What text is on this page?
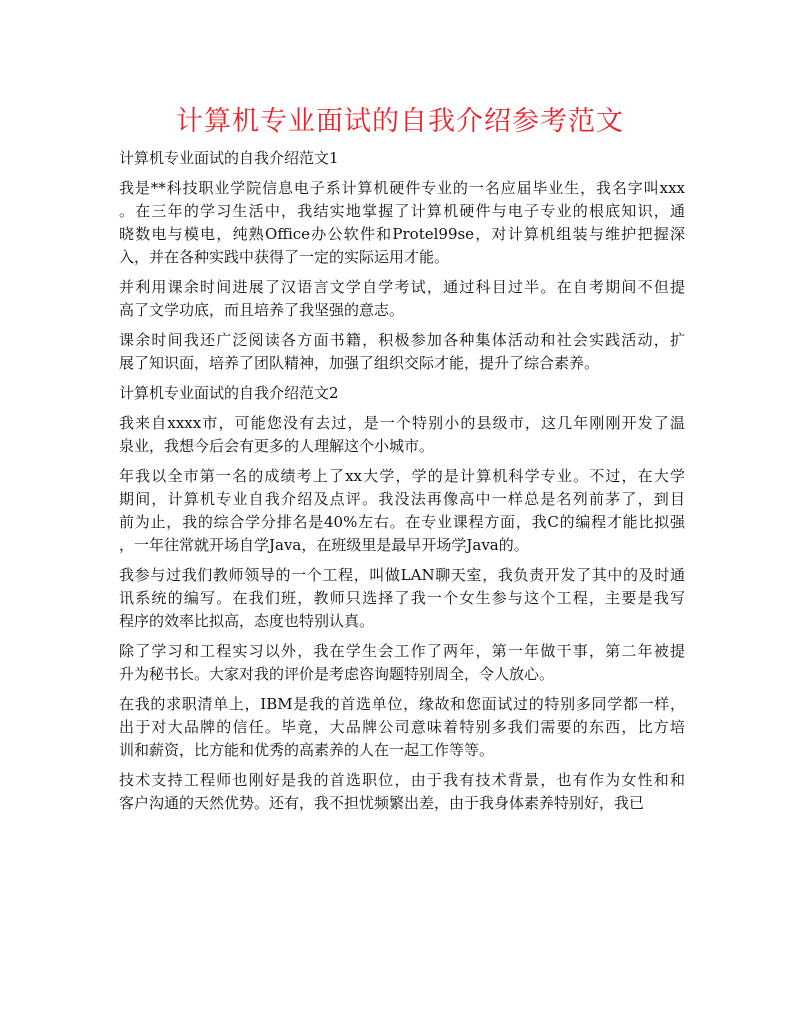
计算机专业面试的自我介绍参考范文
计算机专业面试的自我介绍范文1
我是**科技职业学院信息电子系计算机硬件专业的一名应届毕业生，我名字叫xxx
。在三年的学习生活中，我结实地掌握了计算机硬件与电子专业的根底知识，通
晓数电与模电，纯熟Office办公软件和Protel99se，对计算机组装与维护把握深
入，并在各种实践中获得了一定的实际运用才能。
并利用课余时间进展了汉语言文学自学考试，通过科目过半。在自考期间不但提
高了文学功底，而且培养了我坚强的意志。
课余时间我还广泛阅读各方面书籍，积极参加各种集体活动和社会实践活动，扩
展了知识面，培养了团队精神，加强了组织交际才能，提升了综合素养。
计算机专业面试的自我介绍范文2
我来自xxxx市，可能您没有去过，是一个特别小的县级市，这几年刚刚开发了温
泉业，我想今后会有更多的人理解这个小城市。
年我以全市第一名的成绩考上了xx大学，学的是计算机科学专业。不过，在大学
期间，计算机专业自我介绍及点评。我没法再像高中一样总是名列前茅了，到目
前为止，我的综合学分排名是40%左右。在专业课程方面，我C的编程才能比拟强
，一年往常就开场自学Java，在班级里是最早开场学Java的。
我参与过我们教师领导的一个工程，叫做LAN聊天室，我负责开发了其中的及时通
讯系统的编写。在我们班，教师只选择了我一个女生参与这个工程，主要是我写
程序的效率比拟高，态度也特别认真。
除了学习和工程实习以外，我在学生会工作了两年，第一年做干事，第二年被提
升为秘书长。大家对我的评价是考虑咨询题特别周全，令人放心。
在我的求职清单上，IBM是我的首选单位，缘故和您面试过的特别多同学都一样，
出于对大品牌的信任。毕竟，大品牌公司意味着特别多我们需要的东西，比方培
训和薪资，比方能和优秀的高素养的人在一起工作等等。
技术支持工程师也刚好是我的首选职位，由于我有技术背景，也有作为女性和和
客户沟通的天然优势。还有，我不担忧频繁出差，由于我身体素养特别好，我已
